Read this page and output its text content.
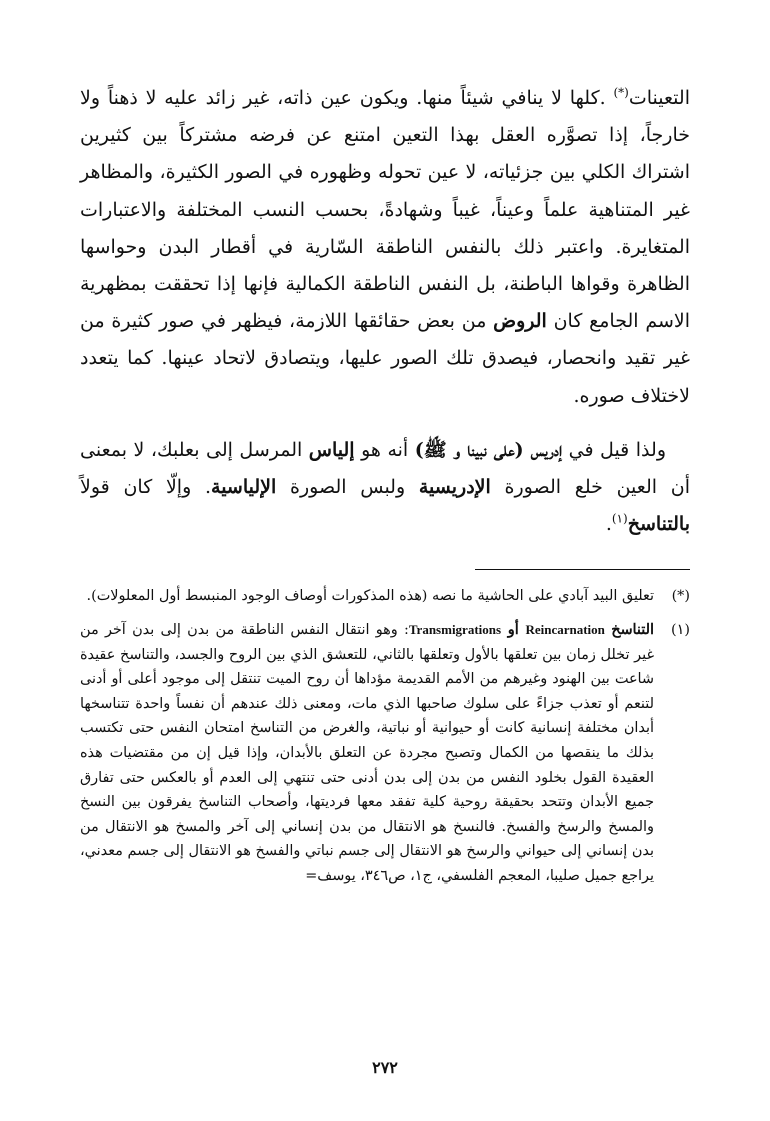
التعينات(*) .كلها لا ينافي شيئاً منها. ويكون عين ذاته، غير زائد عليه لا ذهناً ولا خارجاً، إذا تصوَّره العقل بهذا التعين امتنع عن فرضه مشتركاً بين كثيرين اشتراك الكلي بين جزئياته، لا عين تحوله وظهوره في الصور الكثيرة، والمظاهر غير المتناهية علماً وعيناً، غيباً وشهادةً، بحسب النسب المختلفة والاعتبارات المتغايرة. واعتبر ذلك بالنفس الناطقة السّارية في أقطار البدن وحواسها الظاهرة وقواها الباطنة، بل النفس الناطقة الكمالية فإنها إذا تحققت بمظهرية الاسم الجامع كان الروض من بعض حقائقها اللازمة، فيظهر في صور كثيرة من غير تقيد وانحصار، فيصدق تلك الصور عليها، ويتصادق لاتحاد عينها. كما يتعدد لاختلاف صوره.

ولذا قيل في إدريس (على نبينا و ﷺ) أنه هو إلياس المرسل إلى بعلبك، لا بمعنى أن العين خلع الصورة الإدريسية ولبس الصورة الإلياسية. وإلّا كان قولاً بالتناسخ$^{(١)}$.

(*)
تعليق البيد آبادي على الحاشية ما نصه (هذه المذكورات أوصاف الوجود المنبسط أول المعلولات).
(١)
التناسخ Reincarnation أو Transmigrations: وهو انتقال النفس الناطقة من بدن إلى بدن آخر من غير تخلل زمان بين تعلقها بالأول وتعلقها بالثاني، للتعشق الذي بين الروح والجسد، والتناسخ عقيدة شاعت بين الهنود وغيرهم من الأمم القديمة مؤداها أن روح الميت تنتقل إلى موجود أعلى أو أدنى لتنعم أو تعذب جزاءً على سلوك صاحبها الذي مات، ومعنى ذلك عندهم أن نفساً واحدة تتناسخها أبدان مختلفة إنسانية كانت أو حيوانية أو نباتية، والغرض من التناسخ امتحان النفس حتى تكتسب بذلك ما ينقصها من الكمال وتصبح مجردة عن التعلق بالأبدان، وإذا قيل إن من مقتضيات هذه العقيدة القول بخلود النفس من بدن إلى بدن أدنى حتى تنتهي إلى العدم أو بالعكس حتى تفارق جميع الأبدان وتتحد بحقيقة روحية كلية تفقد معها فرديتها، وأصحاب التناسخ يفرقون بين النسخ والمسخ والرسخ والفسخ. فالنسخ هو الانتقال من بدن إنساني إلى آخر والمسخ هو الانتقال من بدن إنساني إلى حيواني والرسخ هو الانتقال إلى جسم نباتي والفسخ هو الانتقال إلى جسم معدني، يراجع جميل صليبا، المعجم الفلسفي، ج١، ص٣٤٦، يوسف=
٢٧٢
